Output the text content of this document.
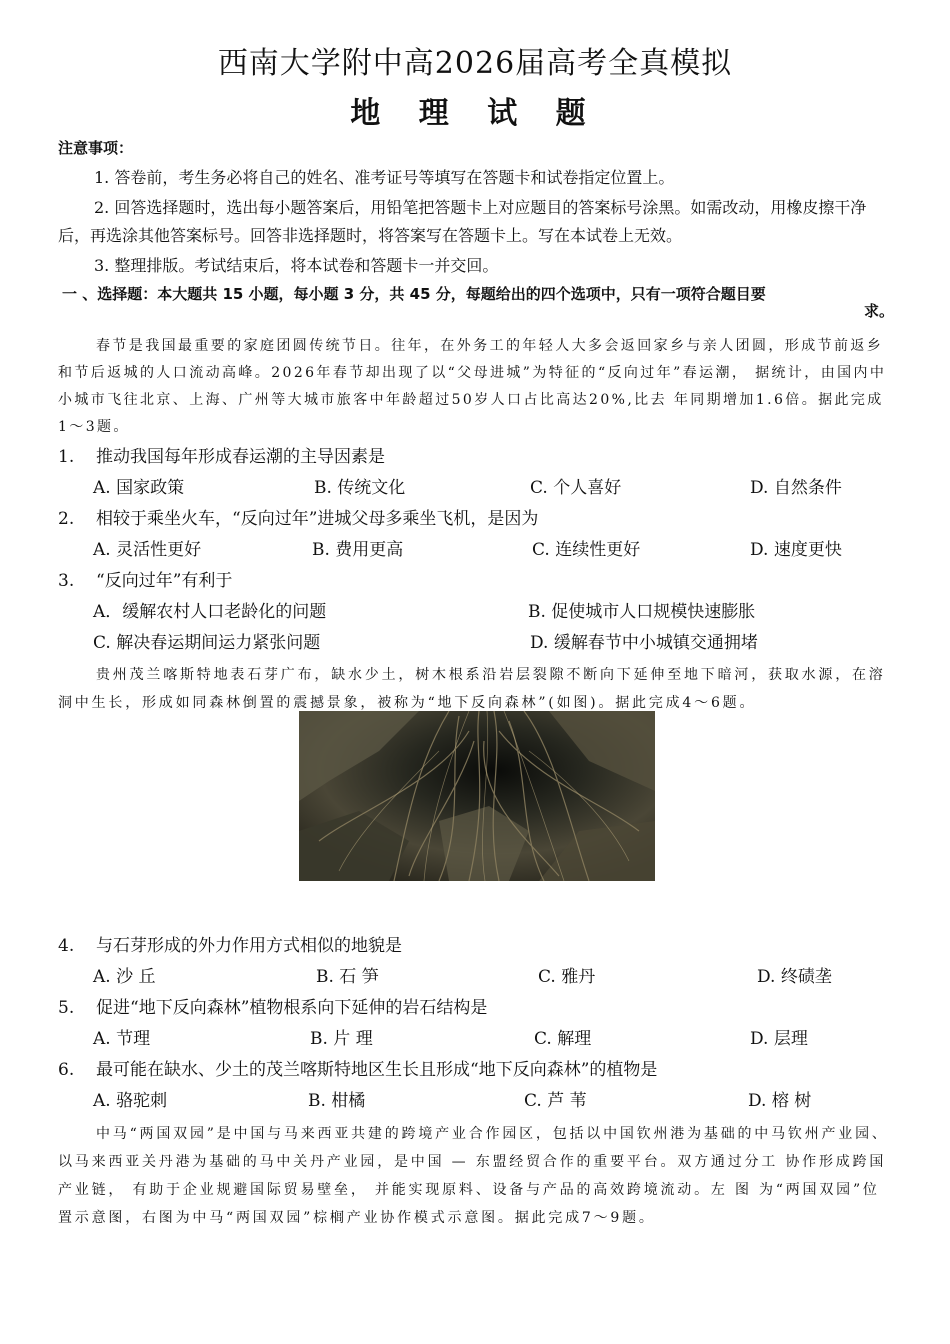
西南大学附中高2026届高考全真模拟
地 理 试 题
注意事项：
1. 答卷前，考生务必将自己的姓名、准考证号等填写在答题卡和试卷指定位置上。
2. 回答选择题时，选出每小题答案后，用铅笔把答题卡上对应题目的答案标号涂黑。如需改动，用橡皮擦干净后，再选涂其他答案标号。回答非选择题时，将答案写在答题卡上。写在本试卷上无效。
3. 整理排版。考试结束后，将本试卷和答题卡一并交回。
一 、选择题：本大题共 15 小题，每小题 3 分，共 45 分，每题给出的四个选项中，只有一项符合题目要
求。
春节是我国最重要的家庭团圆传统节日。往年，在外务工的年轻人大多会返回家乡与亲人团圆，形成节前返乡和节后返城的人口流动高峰。2026年春节却出现了以“父母进城”为特征的“反向过年”春运潮， 据统计，由国内中小城市飞往北京、上海、广州等大城市旅客中年龄超过50岁人口占比高达20%,比去 年同期增加1.6倍。据此完成1～3题。
1. 推动我国每年形成春运潮的主导因素是
A. 国家政策	B. 传统文化	C. 个人喜好	D. 自然条件
2. 相较于乘坐火车，“反向过年”进城父母多乘坐飞机，是因为
A. 灵活性更好	B. 费用更高	C. 连续性更好	D. 速度更快
3. “反向过年”有利于
A．缓解农村人口老龄化的问题	B. 促使城市人口规模快速膨胀
C. 解决春运期间运力紧张问题	D. 缓解春节中小城镇交通拥堵
贵州茂兰喀斯特地表石芽广布，缺水少土，树木根系沿岩层裂隙不断向下延伸至地下暗河，获取水源，在溶洞中生长，形成如同森林倒置的震撼景象，被称为“地下反向森林”(如图)。据此完成4～6题。
4. 与石芽形成的外力作用方式相似的地貌是
A. 沙 丘	B. 石 笋	C. 雅丹	D. 终碛垄
5. 促进“地下反向森林”植物根系向下延伸的岩石结构是
A. 节理	B. 片 理	C. 解理	D. 层理
6. 最可能在缺水、少土的茂兰喀斯特地区生长且形成“地下反向森林”的植物是
A. 骆驼刺	B. 柑橘	C. 芦 苇	D. 榕 树
中马“两国双园”是中国与马来西亚共建的跨境产业合作园区，包括以中国钦州港为基础的中马钦州产业园、以马来西亚关丹港为基础的马中关丹产业园，是中国 — 东盟经贸合作的重要平台。双方通过分工 协作形成跨国产业链， 有助于企业规避国际贸易壁垒， 并能实现原料、设备与产品的高效跨境流动。左 图 为“两国双园”位置示意图，右图为中马“两国双园”棕榈产业协作模式示意图。据此完成7～9题。
